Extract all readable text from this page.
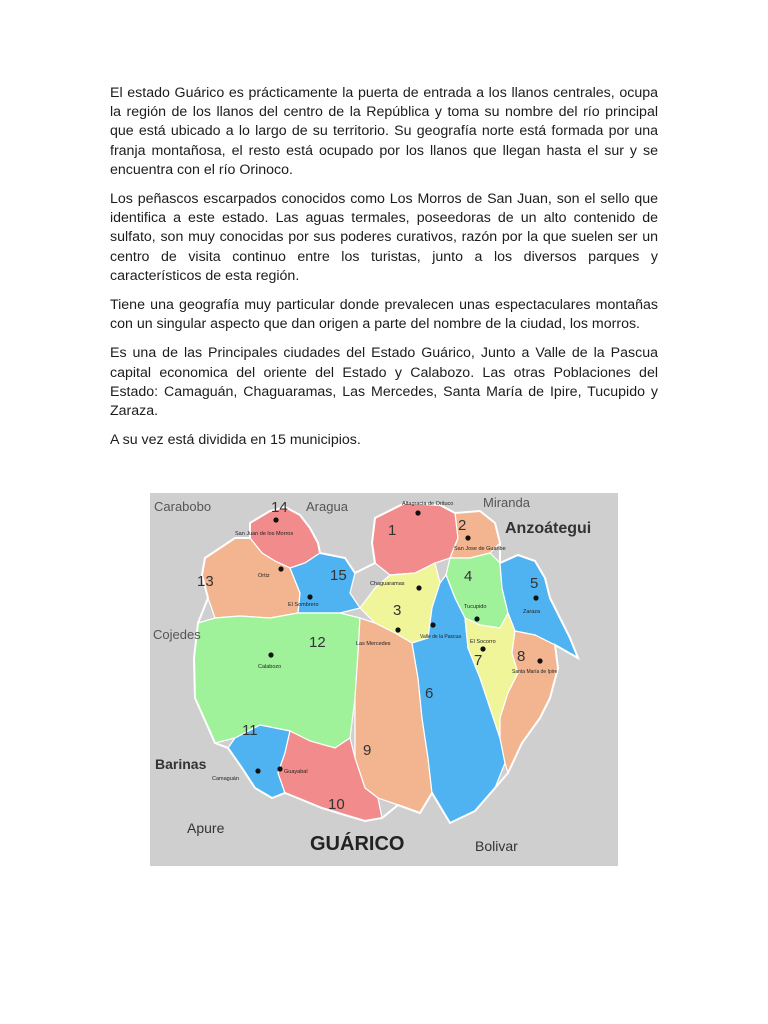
El estado Guárico es prácticamente la puerta de entrada a los llanos centrales, ocupa la región de los llanos del centro de la República y toma su nombre del río principal que está ubicado a lo largo de su territorio. Su geografía norte está formada por una franja montañosa, el resto está ocupado por los llanos que llegan hasta el sur y se encuentra con el río Orinoco.

Los peñascos escarpados conocidos como Los Morros de San Juan, son el sello que identifica a este estado. Las aguas termales, poseedoras de un alto contenido de sulfato, son muy conocidas por sus poderes curativos, razón por la que suelen ser un centro de visita continuo entre los turistas, junto a los diversos parques y característicos de esta región.

Tiene una geografía muy particular donde prevalecen unas espectaculares montañas con un singular aspecto que dan origen a parte del nombre de la ciudad, los morros.

Es una de las Principales ciudades del Estado Guárico, Junto a Valle de la Pascua capital economica del oriente del Estado y Calabozo. Las otras Poblaciones del Estado: Camaguán, Chaguaramas, Las Mercedes, Santa María de Ipire, Tucupido y Zaraza.

A su vez está dividida en 15 municipios.

Carabobo	Aragua	Miranda
Anzoátegui
Cojedes
Barinas
Apure
Bolivar
GUÁRICO
1	2
3
4	5
6
7 8
9
10
11
12
13
14
15
Altagracia de Orituco
San Jose de Guaribe
San Juan de los Morros
Ortiz
El Sombrero
Chaguaramas
Tucupido
Zaraza
Las Mercedes
Valle de la Pascua
El Socorro
Santa María de Ipire
Calabozo
Camaguán
Guayabal
